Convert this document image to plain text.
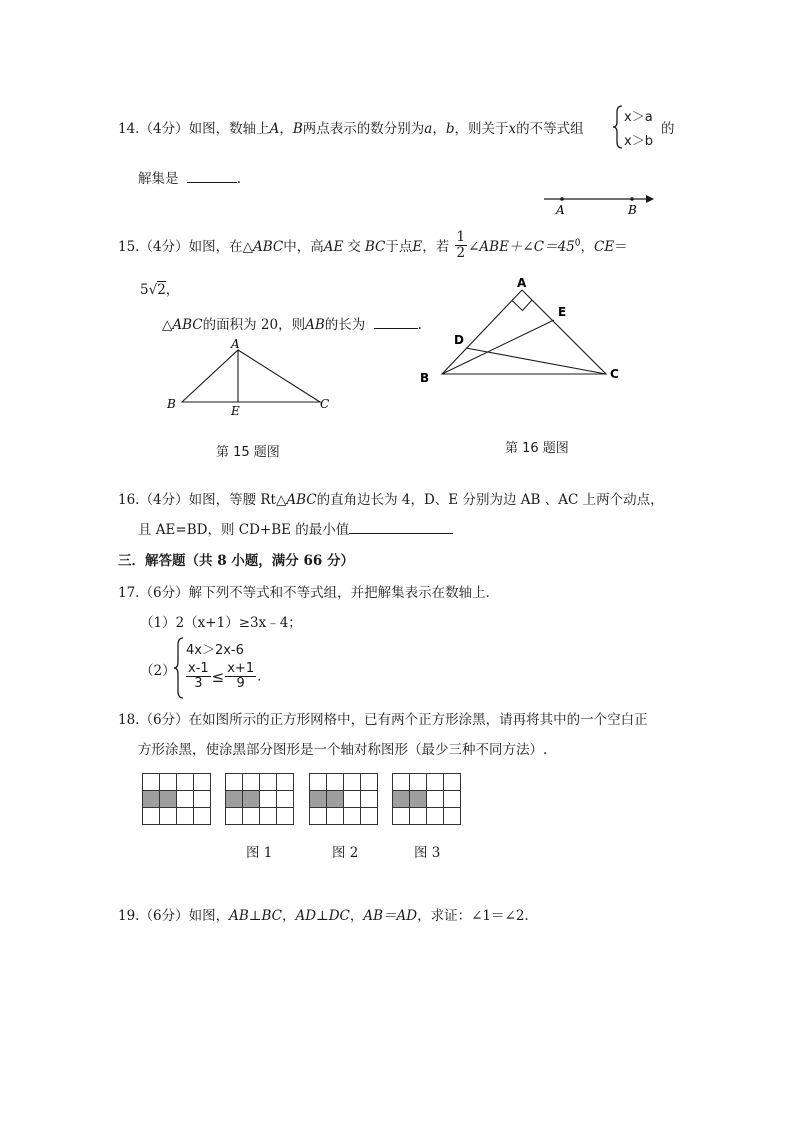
14.（4分）如图，数轴上A，B两点表示的数分别为a，b，则关于x的不等式组
x＞a
x＞b
的
解集是	.
A	B
15.（4分）如图，在△ABC中，高AE 交 BC于点E，若 $\frac{1}{2}$ $\angle ABE+\angle C=45^0$，CE＝
5√2，
△ABC的面积为 20，则AB的长为	.
A
B	E	C
第 15 题图
A
E
D
B	C
第 16 题图
16.（4分）如图，等腰 Rt△ABC的直角边长为 4，D、E 分别为边 AB 、AC 上两个动点，
且 AE=BD，则 CD+BE 的最小值
三．解答题（共 8 小题，满分 66 分）
17.（6分）解下列不等式和不等式组，并把解集表示在数轴上．
（1）2（x+1）≥3x﹣4；
（2）
4x＞2x-6
$\frac{x-1}{3} \le \frac{x+1}{9}$ .
18.（6分）在如图所示的正方形网格中，已有两个正方形涂黑，请再将其中的一个空白正
方形涂黑，使涂黑部分图形是一个轴对称图形（最少三种不同方法）.
图 1	图 2	图 3
19.（6分）如图，AB⊥BC，AD⊥DC，AB＝AD，求证：∠1＝∠2.
